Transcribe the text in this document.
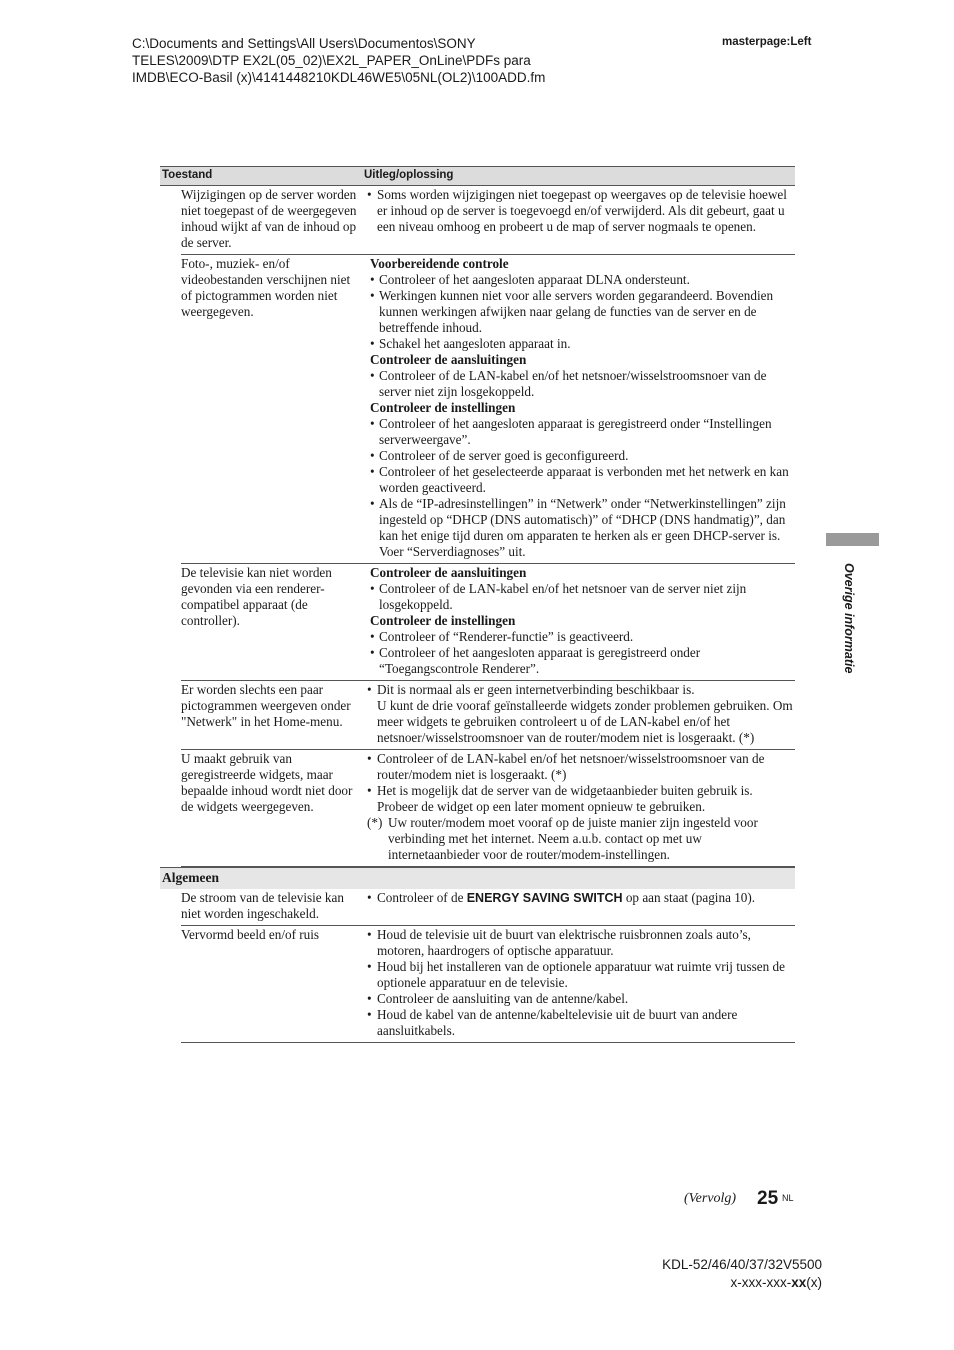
C:\Documents and Settings\All Users\Documentos\SONY
TELES\2009\DTP EX2L(05_02)\EX2L_PAPER_OnLine\PDFs para
IMDB\ECO-Basil (x)\4141448210KDL46WE5\05NL(OL2)\100ADD.fm
masterpage:Left
Toestand	Uitleg/oplossing
Wijzigingen op de server worden niet toegepast of de weergegeven inhoud wijkt af van de inhoud op de server.
• Soms worden wijzigingen niet toegepast op weergaves op de televisie hoewel er inhoud op de server is toegevoegd en/of verwijderd. Als dit gebeurt, gaat u een niveau omhoog en probeert u de map of server nogmaals te openen.
Foto-, muziek- en/of videobestanden verschijnen niet of pictogrammen worden niet weergegeven.
Voorbereidende controle
• Controleer of het aangesloten apparaat DLNA ondersteunt.
• Werkingen kunnen niet voor alle servers worden gegarandeerd. Bovendien kunnen werkingen afwijken naar gelang de functies van de server en de betreffende inhoud.
• Schakel het aangesloten apparaat in.
Controleer de aansluitingen
• Controleer of de LAN-kabel en/of het netsnoer/wisselstroomsnoer van de server niet zijn losgekoppeld.
Controleer de instellingen
• Controleer of het aangesloten apparaat is geregistreerd onder “Instellingen serverweergave”.
• Controleer of de server goed is geconfigureerd.
• Controleer of het geselecteerde apparaat is verbonden met het netwerk en kan worden geactiveerd.
• Als de “IP-adresinstellingen” in “Netwerk” onder “Netwerkinstellingen” zijn ingesteld op “DHCP (DNS automatisch)” of “DHCP (DNS handmatig)”, dan kan het enige tijd duren om apparaten te herken als er geen DHCP-server is. Voer “Serverdiagnoses” uit.
De televisie kan niet worden gevonden via een renderer-compatibel apparaat (de controller).
Controleer de aansluitingen
• Controleer of de LAN-kabel en/of het netsnoer van de server niet zijn losgekoppeld.
Controleer de instellingen
• Controleer of “Renderer-functie” is geactiveerd.
• Controleer of het aangesloten apparaat is geregistreerd onder “Toegangscontrole Renderer”.
Er worden slechts een paar pictogrammen weergeven onder "Netwerk" in het Home-menu.
• Dit is normaal als er geen internetverbinding beschikbaar is.
U kunt de drie vooraf geïnstalleerde widgets zonder problemen gebruiken. Om meer widgets te gebruiken controleert u of de LAN-kabel en/of het netsnoer/wisselstroomsnoer van de router/modem niet is losgeraakt. (*)
U maakt gebruik van geregistreerde widgets, maar bepaalde inhoud wordt niet door de widgets weergegeven.
• Controleer of de LAN-kabel en/of het netsnoer/wisselstroomsnoer van de router/modem niet is losgeraakt. (*)
• Het is mogelijk dat de server van de widgetaanbieder buiten gebruik is. Probeer de widget op een later moment opnieuw te gebruiken.
(*) Uw router/modem moet vooraf op de juiste manier zijn ingesteld voor verbinding met het internet. Neem a.u.b. contact op met uw internetaanbieder voor de router/modem-instellingen.
Algemeen
De stroom van de televisie kan niet worden ingeschakeld.
• Controleer of de ENERGY SAVING SWITCH op aan staat (pagina 10).
Vervormd beeld en/of ruis
•	Houd de televisie uit de buurt van elektrische ruisbronnen zoals auto’s, motoren, haardrogers of optische apparatuur.
• Houd bij het installeren van de optionele apparatuur wat ruimte vrij tussen de optionele apparatuur en de televisie.
• Controleer de aansluiting van de antenne/kabel.
• Houd de kabel van de antenne/kabeltelevisie uit de buurt van andere aansluitkabels.
Overige informatie
(Vervolg) 25 NL
KDL-52/46/40/37/32V5500
x-xxx-xxx-xx(x)
